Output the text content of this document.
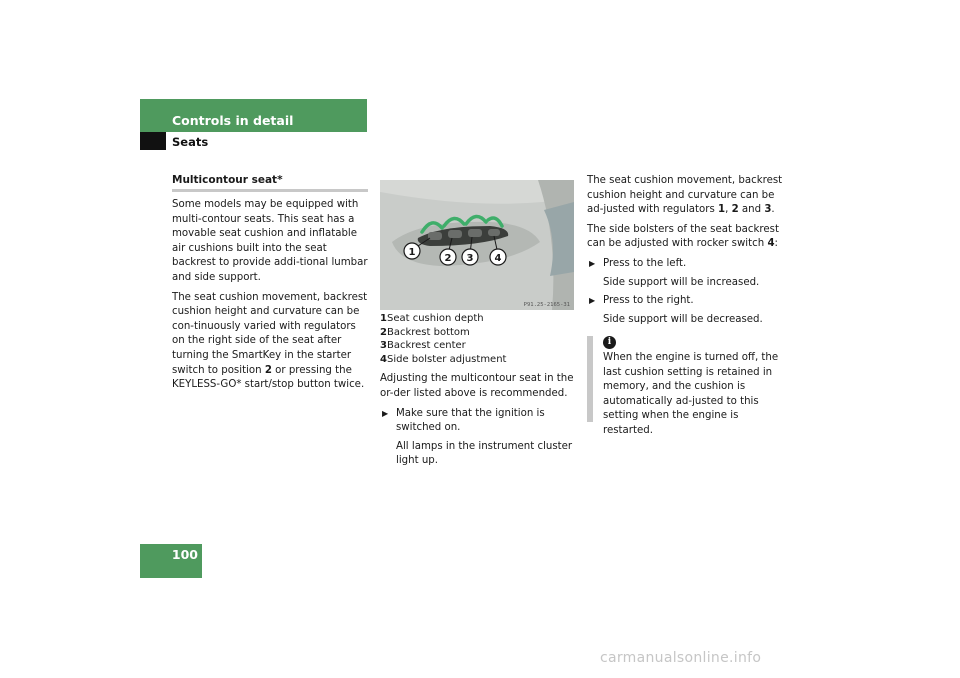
Controls in detail
Seats
Multicontour seat*

Some models may be equipped with multi-contour seats. This seat has a movable seat cushion and inflatable air cushions built into the seat backrest to provide addi-tional lumbar and side support.

The seat cushion movement, backrest cushion height and curvature can be con-tinuously varied with regulators on the right side of the seat after turning the SmartKey in the starter switch to position 2 or pressing the KEYLESS-GO* start/stop button twice.

1
2 3 4
P91.25-2165-31
1Seat cushion depth
2Backrest bottom
3Backrest center
4Side bolster adjustment

Adjusting the multicontour seat in the or-der listed above is recommended.

▶ Make sure that the ignition is switched on.
All lamps in the instrument cluster light up.

The seat cushion movement, backrest cushion height and curvature can be ad-justed with regulators 1, 2 and 3.

The side bolsters of the seat backrest can be adjusted with rocker switch 4:

▶ Press to the left.
Side support will be increased.
▶ Press to the right.
Side support will be decreased.
i
When the engine is turned off, the last cushion setting is retained in memory, and the cushion is automatically ad-justed to this setting when the engine is restarted.
100
carmanualsonline.info
